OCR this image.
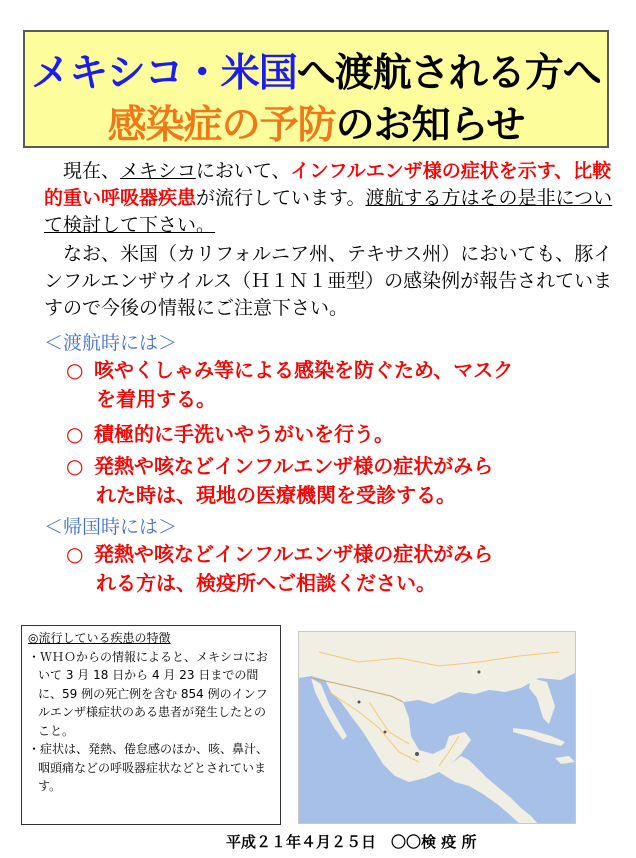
メキシコ・米国へ渡航される方へ
感染症の予防のお知らせ

現在、メキシコにおいて、インフルエンザ様の症状を示す、比較的重い呼吸器疾患が流行しています。渡航する方はその是非について検討して下さい。

なお、米国（カリフォルニア州、テキサス州）においても、豚インフルエンザウイルス（Ｈ１Ｎ１亜型）の感染例が報告されていますので今後の情報にご注意下さい。

＜渡航時には＞
○ 咳やくしゃみ等による感染を防ぐため、マスク
を着用する。
○ 積極的に手洗いやうがいを行う。
○ 発熱や咳などインフルエンザ様の症状がみら
れた時は、現地の医療機関を受診する。
＜帰国時には＞
○ 発熱や咳などインフルエンザ様の症状がみら
れる方は、検疫所へご相談ください。
◎流行している疾患の特徴
・ＷＨＯからの情報によると、メキシコにおいて 3 月 18 日から 4 月 23 日までの間に、59 例の死亡例を含む 854 例のインフルエンザ様症状のある患者が発生したとのこと。
・症状は、発熱、倦怠感のほか、咳、鼻汁、咽頭痛などの呼吸器症状などとされています。
平成２１年４月２５日　〇〇検 疫 所
